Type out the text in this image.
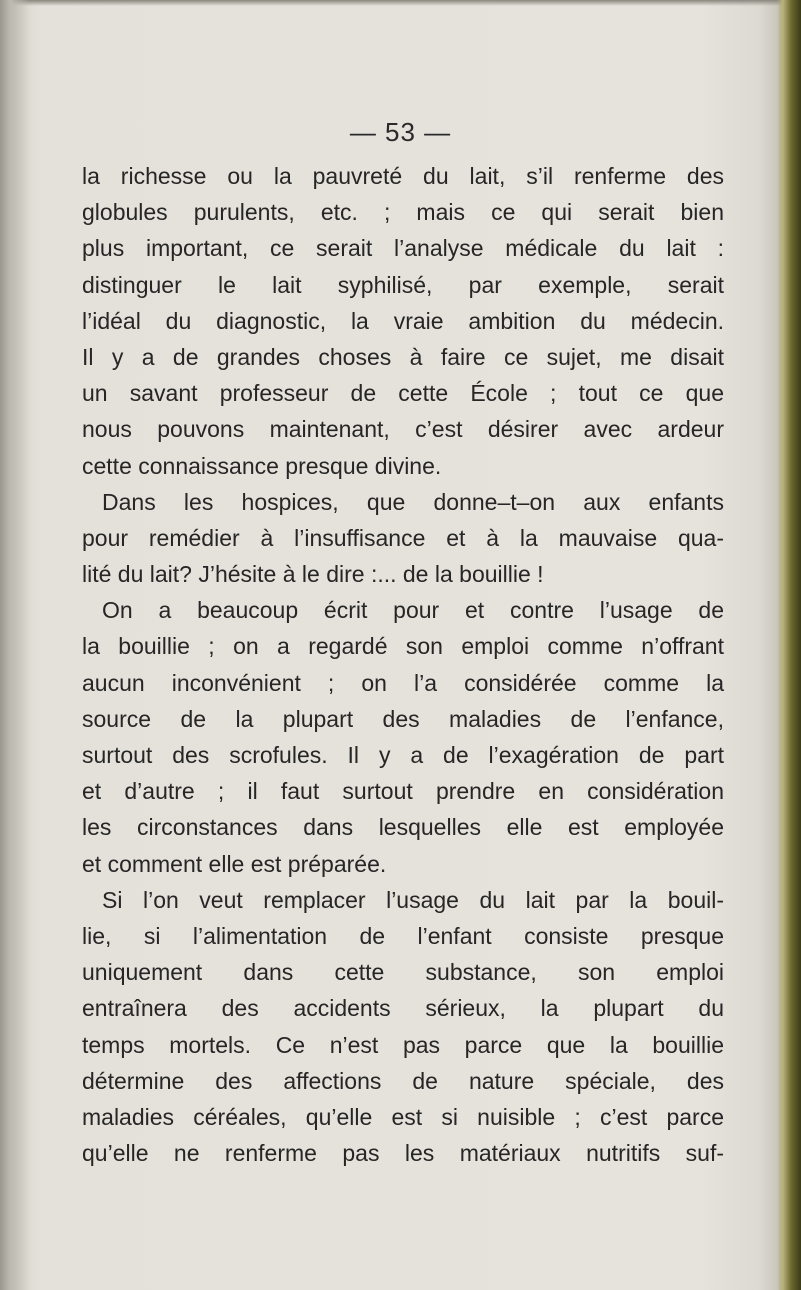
— 53 —
la richesse ou la pauvreté du lait, s’il renferme des
globules purulents, etc. ; mais ce qui serait bien
plus important, ce serait l’analyse médicale du lait :
distinguer le lait syphilisé, par exemple, serait
l’idéal du diagnostic, la vraie ambition du médecin.
Il y a de grandes choses à faire ce sujet, me disait
un savant professeur de cette École ; tout ce que
nous pouvons maintenant, c’est désirer avec ardeur
cette connaissance presque divine.
Dans les hospices, que donne–t–on aux enfants
pour remédier à l’insuffisance et à la mauvaise qua-
lité du lait? J’hésite à le dire :... de la bouillie !
On a beaucoup écrit pour et contre l’usage de
la bouillie ; on a regardé son emploi comme n’offrant
aucun inconvénient ; on l’a considérée comme la
source de la plupart des maladies de l’enfance,
surtout des scrofules. Il y a de l’exagération de part
et d’autre ; il faut surtout prendre en considération
les circonstances dans lesquelles elle est employée
et comment elle est préparée.
Si l’on veut remplacer l’usage du lait par la bouil-
lie, si l’alimentation de l’enfant consiste presque
uniquement dans cette substance, son emploi
entraînera des accidents sérieux, la plupart du
temps mortels. Ce n’est pas parce que la bouillie
détermine des affections de nature spéciale, des
maladies céréales, qu’elle est si nuisible ; c’est parce
qu’elle ne renferme pas les matériaux nutritifs suf-
